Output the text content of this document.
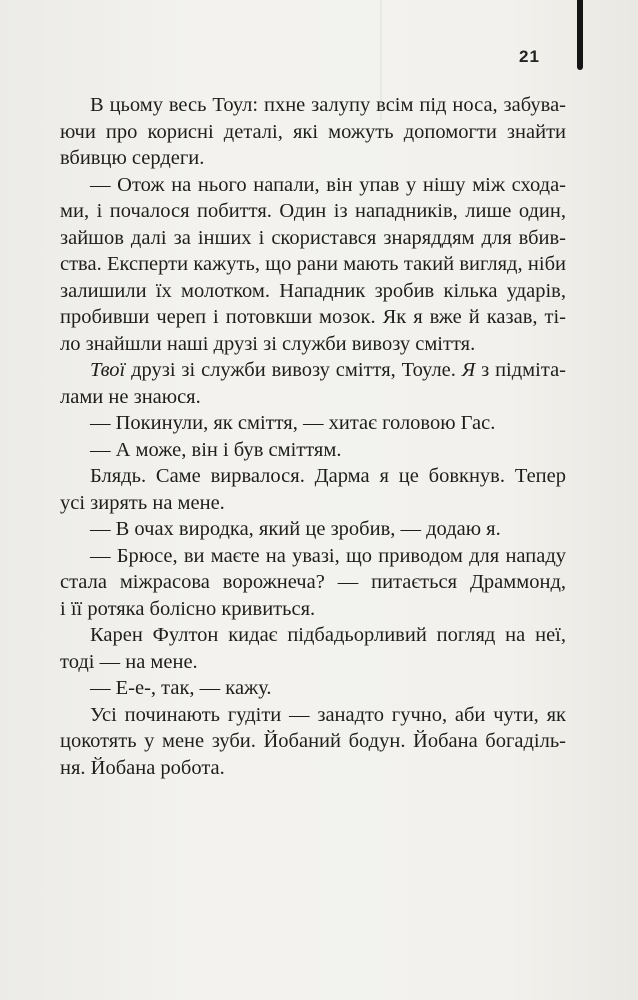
21
В цьому весь Тоул: пхне залупу всім під носа, забува-
ючи про корисні деталі, які можуть допомогти знайти
вбивцю сердеги.
— Отож на нього напали, він упав у нішу між сходa-
ми, і почалося побиття. Один із нападників, лише один,
зайшов далі за інших і скористався знаряддям для вбив-
ства. Експерти кажуть, що рани мають такий вигляд, ніби
залишили їх молотком. Нападник зробив кілька ударів,
пробивши череп і потовкши мозок. Як я вже й казав, ті-
ло знайшли наші друзі зі служби вивозу сміття.
Твої друзі зі служби вивозу сміття, Тоуле. Я з підміта-
лами не знаюся.
— Покинули, як сміття, — хитає головою Гас.
— А може, він і був сміттям.
Блядь. Саме вирвалося. Дарма я це бовкнув. Тепер
усі зирять на мене.
— В очах виродка, який це зробив, — додаю я.
— Брюсе, ви маєте на увазі, що приводом для нападу
стала міжрасова ворожнеча? — питається Драммонд,
і її ротяка болісно кривиться.
Карен Фултон кидає підбадьорливий погляд на неї,
тоді — на мене.
— Е-е-, так, — кажу.
Усі починають гудіти — занадто гучно, аби чути, як
цокотять у мене зуби. Йобаний бодун. Йобана богаділь-
ня. Йобана робота.
